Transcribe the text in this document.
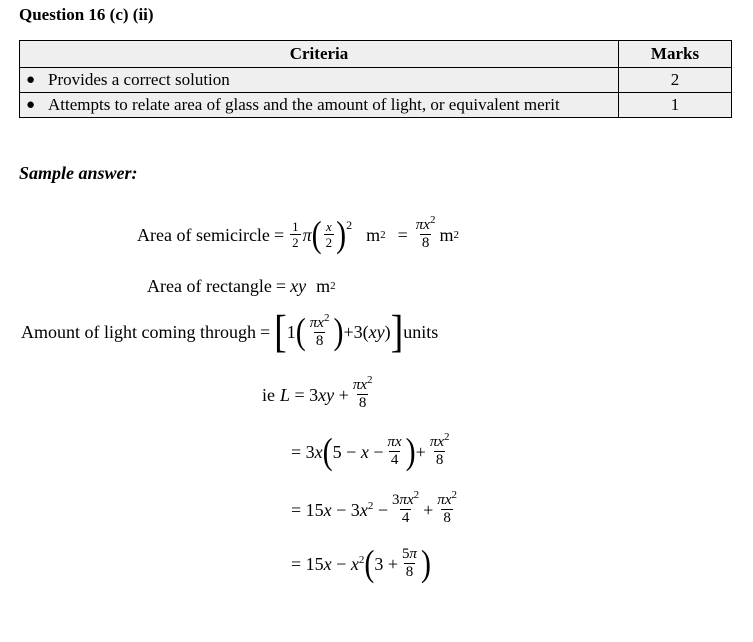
Question 16 (c) (ii)
Criteria	Marks

● Provides a correct solution	2

● Attempts to relate area of glass and the amount of light, or equivalent merit	1
Sample answer:
Area of semicircle = $\frac{1}{2}$ π ( $\frac{x}{2} )^2$ m $2 = \frac{\pi x^2}{8}$ m 2
Area of rectangle = xy m 2
Amount of light coming through = [ 1 ( $\frac{\pi x^2}{8}$ ) +3(xy) ] units
ie $L = 3xy + \frac{\pi x^2}{8}$
= 3x ( $5 - x - \frac{\pi x}{4}$ ) + $\frac{\pi x^2}{8}$
= $15x - 3x^2 - \frac{3\pi x^2}{4} + \frac{\pi x^2}{8}$
= $15x - x^2$ ( $3 + \frac{5\pi}{8}$ )
